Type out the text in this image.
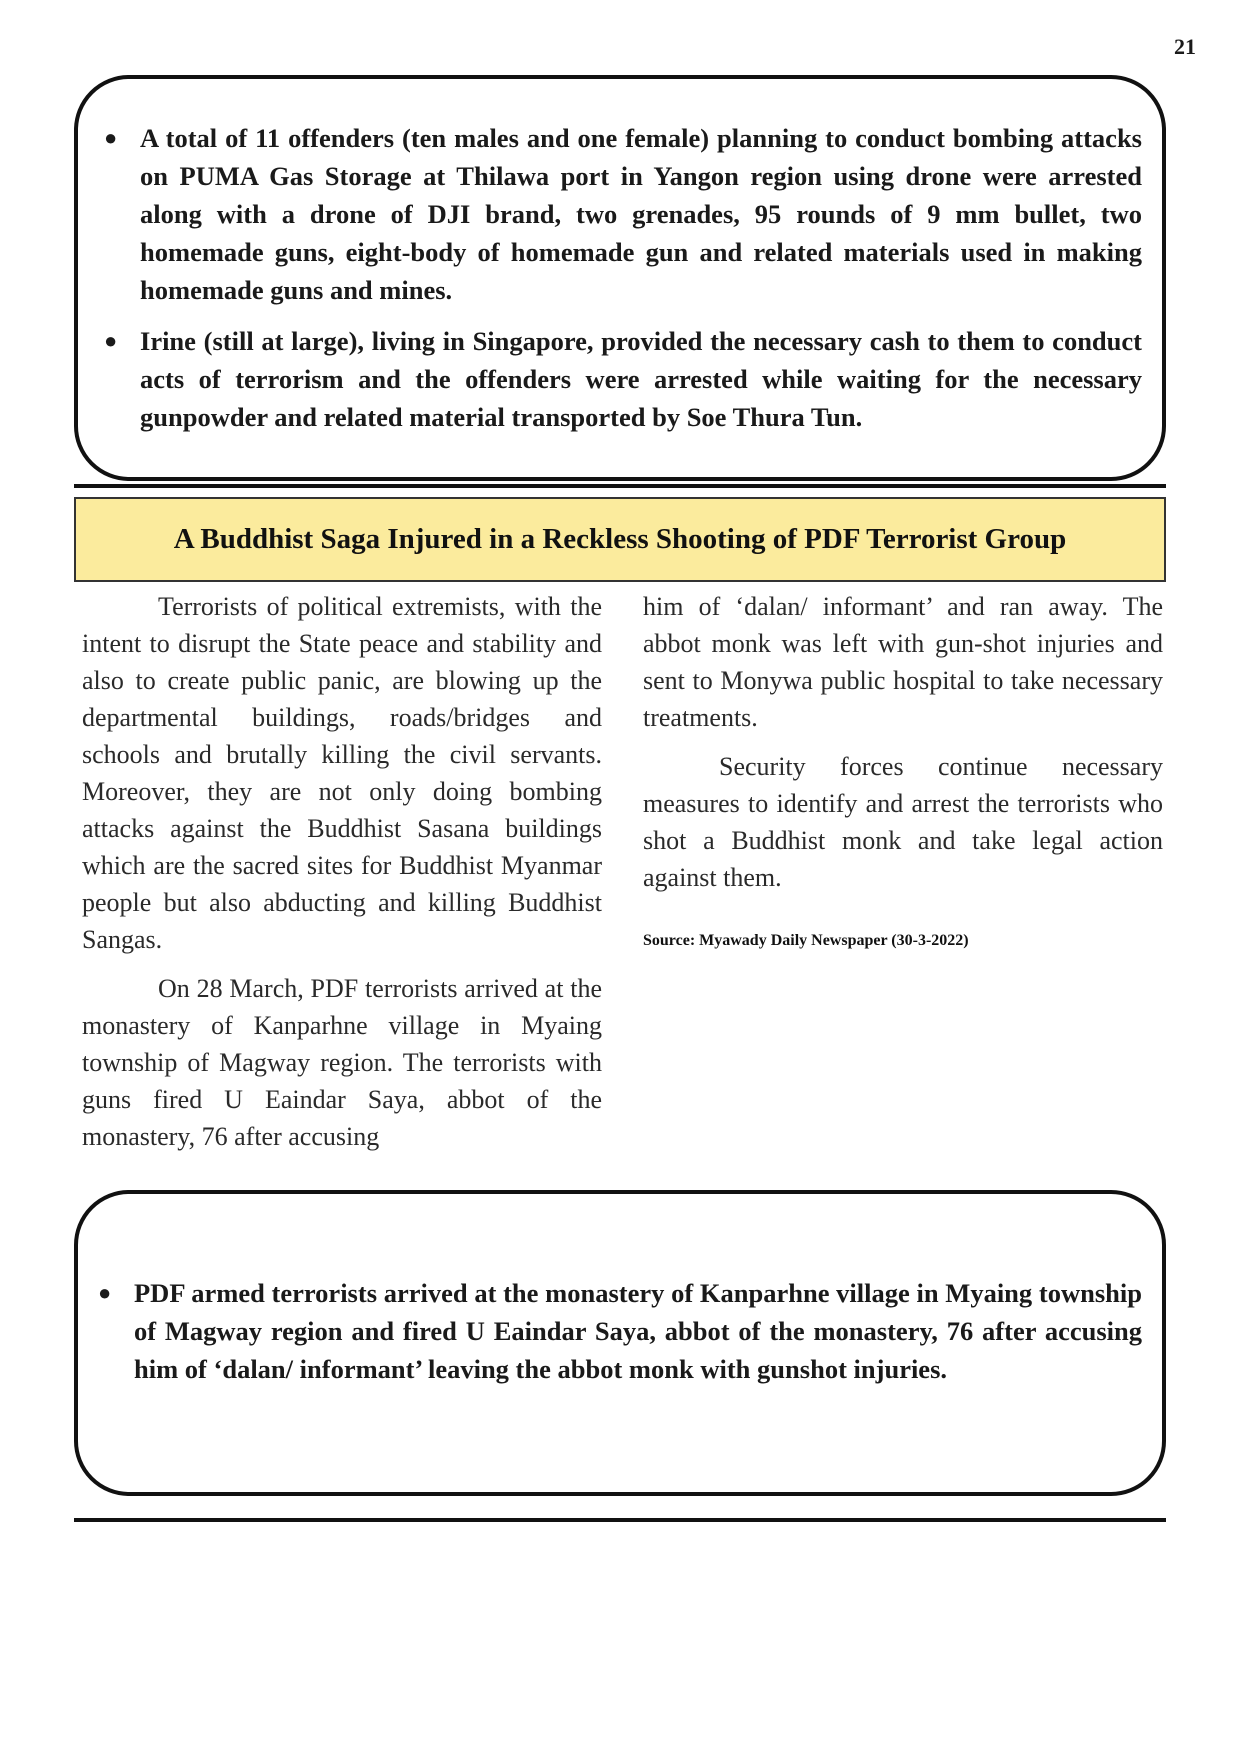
21
● A total of 11 offenders (ten males and one female) planning to conduct bombing attacks on PUMA Gas Storage at Thilawa port in Yangon region using drone were arrested along with a drone of DJI brand, two grenades, 95 rounds of 9 mm bullet, two homemade guns, eight-body of homemade gun and related materials used in making homemade guns and mines.
● Irine (still at large), living in Singapore, provided the necessary cash to them to conduct acts of terrorism and the offenders were arrested while waiting for the necessary gunpowder and related material transported by Soe Thura Tun.
A Buddhist Saga Injured in a Reckless Shooting of PDF Terrorist Group

Terrorists of political extremists, with the intent to disrupt the State peace and stability and also to create public panic, are blowing up the departmental buildings, roads/bridges and schools and brutally killing the civil servants. Moreover, they are not only doing bombing attacks against the Buddhist Sasana buildings which are the sacred sites for Buddhist Myanmar people but also abducting and killing Buddhist Sangas.

On 28 March, PDF terrorists arrived at the monastery of Kanparhne village in Myaing township of Magway region. The terrorists with guns fired U Eaindar Saya, abbot of the monastery, 76 after accusing

him of ‘dalan/ informant’ and ran away. The abbot monk was left with gun-shot injuries and sent to Monywa public hospital to take necessary treatments.

Security forces continue necessary measures to identify and arrest the terrorists who shot a Buddhist monk and take legal action against them.

Source: Myawady Daily Newspaper (30-3-2022)

● PDF armed terrorists arrived at the monastery of Kanparhne village in Myaing township of Magway region and fired U Eaindar Saya, abbot of the monastery, 76 after accusing him of ‘dalan/ informant’ leaving the abbot monk with gunshot injuries.
